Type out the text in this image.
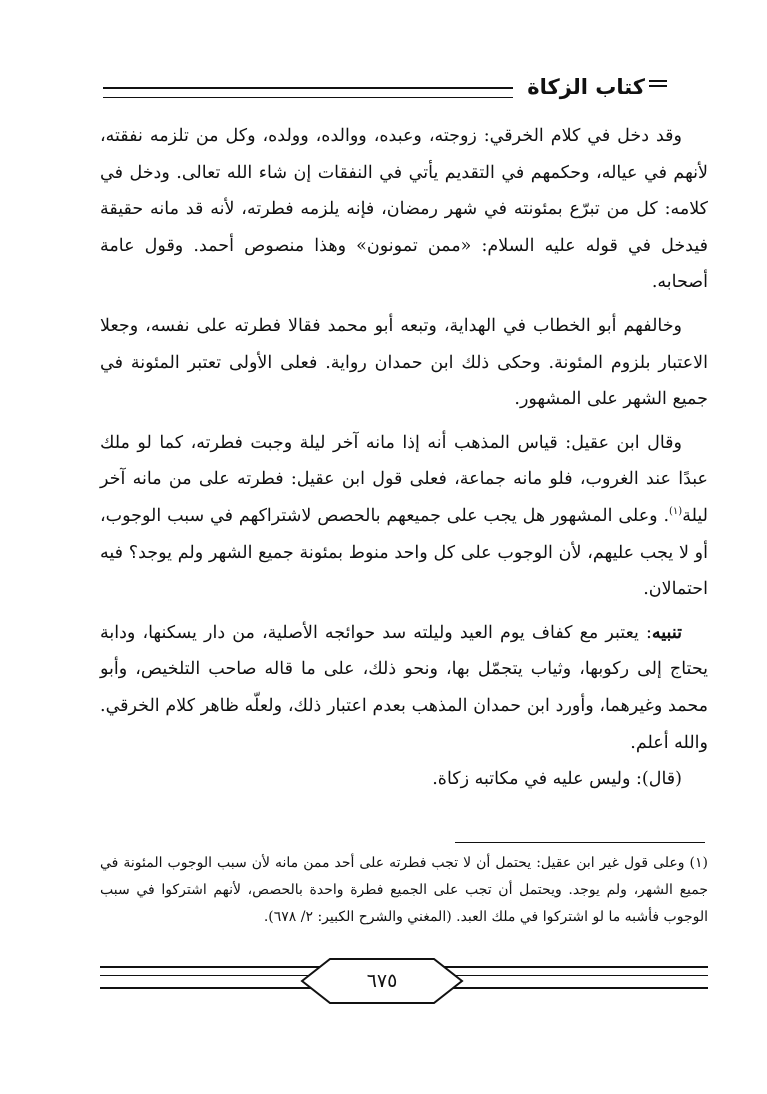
كتاب الزكاة

وقد دخل في كلام الخرقي: زوجته، وعبده، ووالده، وولده، وكل من تلزمه نفقته، لأنهم في عياله، وحكمهم في التقديم يأتي في النفقات إن شاء الله تعالى. ودخل في كلامه: كل من تبرّع بمئونته في شهر رمضان، فإنه يلزمه فطرته، لأنه قد مانه حقيقة فيدخل في قوله عليه السلام: «ممن تمونون» وهذا منصوص أحمد. وقول عامة أصحابه.

وخالفهم أبو الخطاب في الهداية، وتبعه أبو محمد فقالا فطرته على نفسه، وجعلا الاعتبار بلزوم المئونة. وحكى ذلك ابن حمدان رواية. فعلى الأولى تعتبر المئونة في جميع الشهر على المشهور.

وقال ابن عقيل: قياس المذهب أنه إذا مانه آخر ليلة وجبت فطرته، كما لو ملك عبدًا عند الغروب، فلو مانه جماعة، فعلى قول ابن عقيل: فطرته على من مانه آخر ليلة$^{(١)}$. وعلى المشهور هل يجب على جميعهم بالحصص لاشتراكهم في سبب الوجوب، أو لا يجب عليهم، لأن الوجوب على كل واحد منوط بمئونة جميع الشهر ولم يوجد؟ فيه احتمالان.

تنبيه: يعتبر مع كفاف يوم العيد وليلته سد حوائجه الأصلية، من دار يسكنها، ودابة يحتاج إلى ركوبها، وثياب يتجمّل بها، ونحو ذلك، على ما قاله صاحب التلخيص، وأبو محمد وغيرهما، وأورد ابن حمدان المذهب بعدم اعتبار ذلك، ولعلّه ظاهر كلام الخرقي. والله أعلم.

(قال): وليس عليه في مكاتبه زكاة.

(١) وعلى قول غير ابن عقيل: يحتمل أن لا تجب فطرته على أحد ممن مانه لأن سبب الوجوب المئونة في جميع الشهر، ولم يوجد. ويحتمل أن تجب على الجميع فطرة واحدة بالحصص، لأنهم اشتركوا في سبب الوجوب فأشبه ما لو اشتركوا في ملك العبد. (المغني والشرح الكبير: ٢/ ٦٧٨).
٦٧٥
